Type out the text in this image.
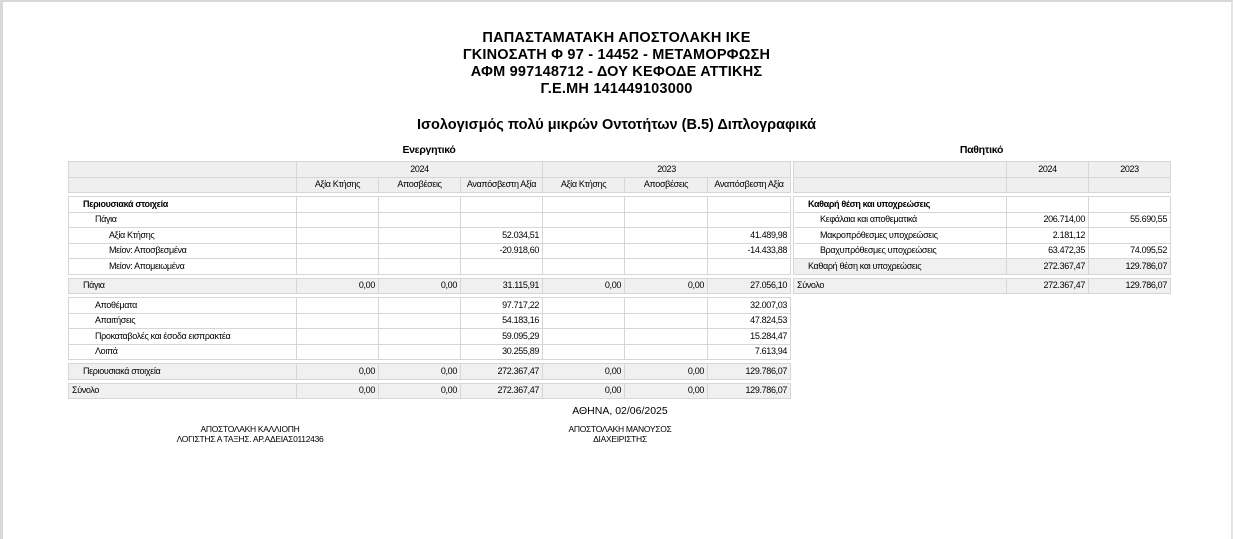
ΠΑΠΑΣΤΑΜΑΤΑΚΗ ΑΠΟΣΤΟΛΑΚΗ ΙΚΕ
ΓΚΙΝΟΣΑΤΗ Φ 97 - 14452 - ΜΕΤΑΜΟΡΦΩΣΗ
ΑΦΜ 997148712 - ΔΟΥ ΚΕΦΟΔΕ ΑΤΤΙΚΗΣ
Γ.Ε.ΜΗ 141449103000
Ισολογισμός πολύ μικρών Οντοτήτων (Β.5) Διπλογραφικά
Ενεργητικό
	2024			2023		
	Αξία Κτήσης	Αποσβέσεις	Αναπόσβεστη Αξία	Αξία Κτήσης	Αποσβέσεις	Αναπόσβεστη Αξία

Περιουσιακά στοιχεία						
Πάγια						
Αξία Κτήσης			52.034,51			41.489,98
Μείον: Αποσβεσμένα			-20.918,60			-14.433,88
Μείον: Απομειωμένα						

Πάγια	0,00	0,00	31.115,91	0,00	0,00	27.056,10

Αποθέματα			97.717,22			32.007,03
Απαιτήσεις			54.183,16			47.824,53
Προκαταβολές και έσοδα εισπρακτέα			59.095,29			15.284,47
Λοιπά			30.255,89			7.613,94

Περιουσιακά στοιχεία	0,00	0,00	272.367,47	0,00	0,00	129.786,07

Σύνολο	0,00	0,00	272.367,47	0,00	0,00	129.786,07
Παθητικό
	2024	2023

Καθαρή θέση και υποχρεώσεις		
Κεφάλαια και αποθεματικά	206.714,00	55.690,55
Μακροπρόθεσμες υποχρεώσεις	2.181,12	
Βραχυπρόθεσμες υποχρεώσεις	63.472,35	74.095,52
Καθαρή θέση και υποχρεώσεις	272.367,47	129.786,07

Σύνολο	272.367,47	129.786,07
ΑΘΗΝΑ, 02/06/2025
ΑΠΟΣΤΟΛΑΚΗ ΚΑΛΛΙΟΠΗ
ΛΟΓΙΣΤΗΣ Α ΤΑΞΗΣ. ΑΡ.ΑΔΕΙΑΣ0112436
ΑΠΟΣΤΟΛΑΚΗ ΜΑΝΟΥΣΟΣ
ΔΙΑΧΕΙΡΙΣΤΗΣ
